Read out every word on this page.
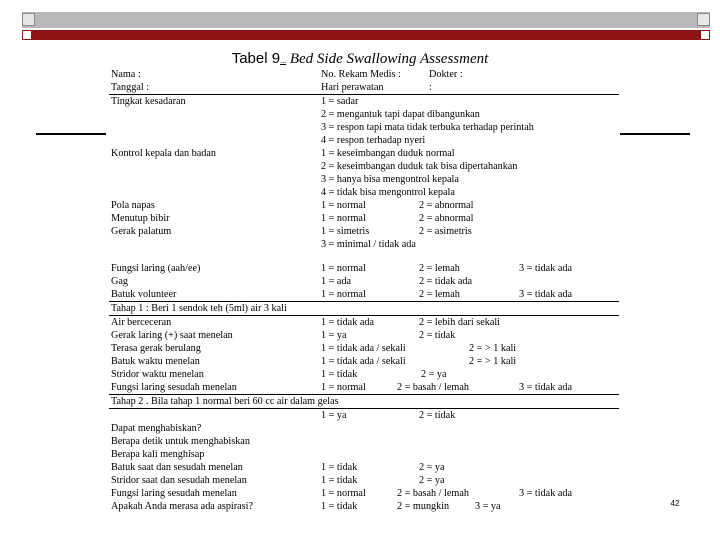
Tabel 9... Bed Side Swallowing Assessment
Nama :	No. Rekam Medis :	Dokter :
Tanggal :	Hari perawatan	:
Tingkat kesadaran	1 = sadar
2 = mengantuk tapi dapat dibangunkan
3 = respon tapi mata tidak terbuka terhadap perintah
4 = respon terhadap nyeri
Kontrol kepala dan badan	1 = keseimbangan duduk normal
2 = keseimbangan duduk tak bisa dipertahankan
3 = hanya bisa mengontrol kepala
4 = tidak bisa mengontrol kepala
Pola napas	1 = normal	2 = abnormal
Menutup bibir	1 = normal	2 = abnormal
Gerak palatum	1 = simetris	2 = asimetris
3 = minimal / tidak ada
Fungsi laring (aah/ee)	1 = normal	2 = lemah	3 = tidak ada
Gag	1 = ada	2 = tidak ada
Batuk volunteer	1 = normal	2 = lemah	3 = tidak ada
Tahap 1 : Beri 1 sendok teh (5ml) air 3 kali
Air berceceran	1 = tidak ada	2 = lebih dari sekali
Gerak laring (+) saat menelan	1 = ya	2 = tidak
Terasa gerak berulang	1 = tidak ada / sekali	2 = > 1 kali
Batuk waktu menelan	1 = tidak ada / sekali	2 = > 1 kali
Stridor waktu menelan	1 = tidak	2 = ya
Fungsi laring sesudah menelan	1 = normal	2 = basah / lemah	3 = tidak ada
Tahap 2 . Bila tahap 1 normal beri 60 cc air dalam gelas
1 = ya	2 = tidak
Dapat menghabiskan?
Berapa detik untuk menghabiskan
Berapa kali menghisap
Batuk saat dan sesudah menelan	1 = tidak	2 = ya
Stridor saat dan sesudah menelan	1 = tidak	2 = ya
Fungsi laring sesudah menelan	1 = normal	2 = basah / lemah	3 = tidak ada
Apakah Anda merasa ada aspirasi?	1 = tidak	2 = mungkin	3 = ya	42
